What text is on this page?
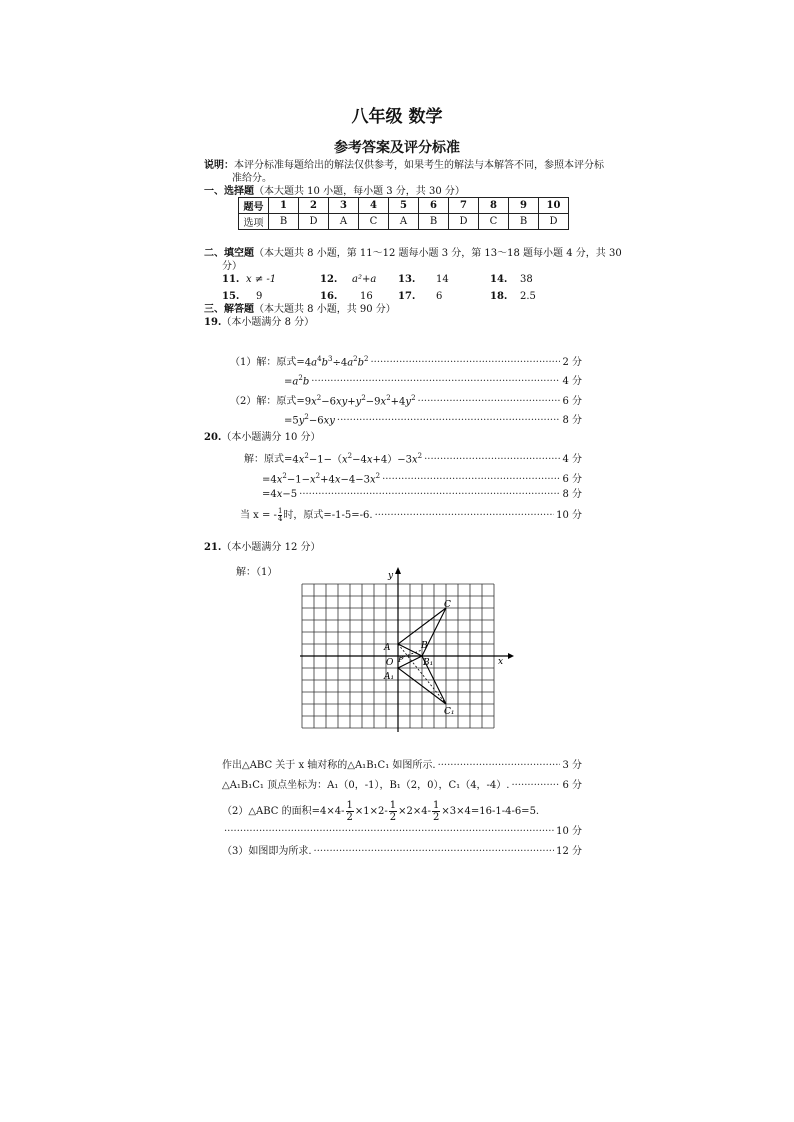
八年级 数学
参考答案及评分标准
说明：本评分标准每题给出的解法仅供参考，如果考生的解法与本解答不同，参照本评分标
准给分。
一、选择题（本大题共 10 小题，每小题 3 分，共 30 分）
题号	1	2	3	4	5	6	7	8	9	10
选项	B	D	A	C	A	B	D	C	B	D
二、填空题（本大题共 8 小题，第 11～12 题每小题 3 分，第 13～18 题每小题 4 分，共 30
分）
11. x ≠ -1	12. a²+a 13. 14	14. 38
15. 9	16. 16	17. 6	18. 2.5
三、解答题（本大题共 8 小题，共 90 分）
19.（本小题满分 8 分）
（1）解：原式= $4a^4b^3\div 4a^2b^2$ ·····	2 分
$=a^2b$ ·····	4 分
（2）解：原式= $9x^2-6xy+y^2-9x^2+4y^2$ ·····	6 分
$=5y^2-6xy$ ·····	8 分
20.（本小题满分 10 分）
解：原式= $4x^2-1-(x^2-4x+4)-3x^2$ ·····	4 分
$=4x^2-1-x^2+4x-4-3x^2$ ·····	6 分
=4x−5 ·····	8 分
当 x = - $\frac{1}{4}$ 时，原式=-1-5=-6. ·····	10 分
21.（本小题满分 12 分）
解：（1）	y
x
C
A	B
O P B₁
A₁
C₁
作出△ABC 关于 x 轴对称的△A₁B₁C₁ 如图所示. ·····	3 分
△A₁B₁C₁ 顶点坐标为：A₁（0，-1），B₁（2，0），C₁（4，-4）. ·····	6 分
（2）△ABC 的面积$=4\times 4- \frac{1}{2} \times 1\times 2- \frac{1}{2} \times 2\times 4- \frac{1}{2} \times 3\times 4=16-1-4-6=5$.
·····
10 分
（3）如图即为所求. ·····	12 分
